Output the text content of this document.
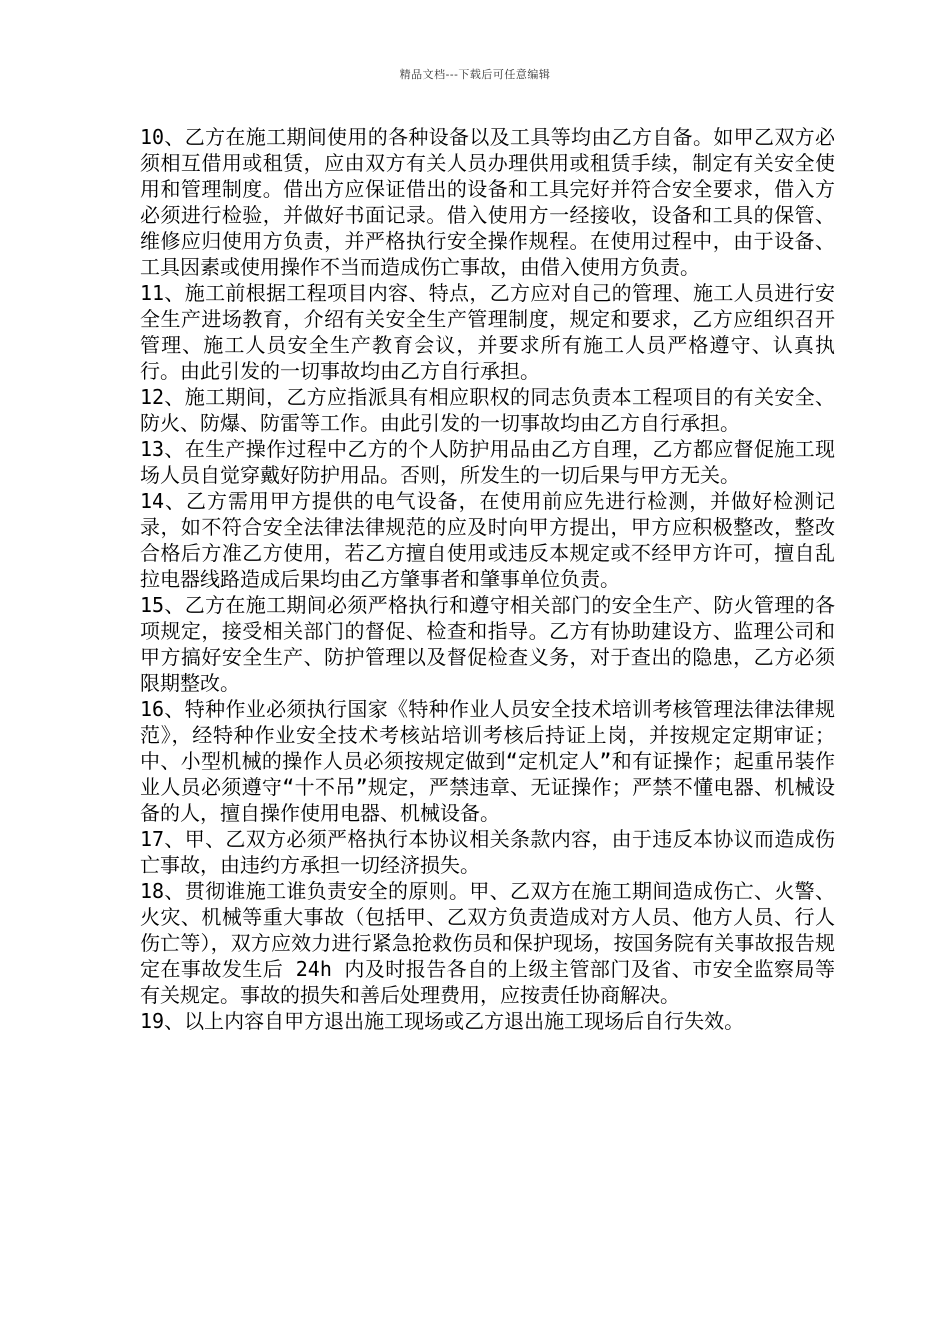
精品文档---下载后可任意编辑

10、乙方在施工期间使用的各种设备以及工具等均由乙方自备。如甲乙双方必须相互借用或租赁，应由双方有关人员办理供用或租赁手续，制定有关安全使用和管理制度。借出方应保证借出的设备和工具完好并符合安全要求，借入方必须进行检验，并做好书面记录。借入使用方一经接收，设备和工具的保管、维修应归使用方负责，并严格执行安全操作规程。在使用过程中，由于设备、工具因素或使用操作不当而造成伤亡事故，由借入使用方负责。

11、施工前根据工程项目内容、特点，乙方应对自己的管理、施工人员进行安全生产进场教育，介绍有关安全生产管理制度，规定和要求，乙方应组织召开管理、施工人员安全生产教育会议，并要求所有施工人员严格遵守、认真执行。由此引发的一切事故均由乙方自行承担。

12、施工期间，乙方应指派具有相应职权的同志负责本工程项目的有关安全、防火、防爆、防雷等工作。由此引发的一切事故均由乙方自行承担。

13、在生产操作过程中乙方的个人防护用品由乙方自理，乙方都应督促施工现场人员自觉穿戴好防护用品。否则，所发生的一切后果与甲方无关。

14、乙方需用甲方提供的电气设备，在使用前应先进行检测，并做好检测记录，如不符合安全法律法律规范的应及时向甲方提出，甲方应积极整改，整改合格后方准乙方使用，若乙方擅自使用或违反本规定或不经甲方许可，擅自乱拉电器线路造成后果均由乙方肇事者和肇事单位负责。

15、乙方在施工期间必须严格执行和遵守相关部门的安全生产、防火管理的各项规定，接受相关部门的督促、检查和指导。乙方有协助建设方、监理公司和甲方搞好安全生产、防护管理以及督促检查义务，对于查出的隐患，乙方必须限期整改。

16、特种作业必须执行国家《特种作业人员安全技术培训考核管理法律法律规范》，经特种作业安全技术考核站培训考核后持证上岗，并按规定定期审证；中、小型机械的操作人员必须按规定做到“定机定人”和有证操作；起重吊装作业人员必须遵守“十不吊”规定，严禁违章、无证操作；严禁不懂电器、机械设备的人，擅自操作使用电器、机械设备。

17、甲、乙双方必须严格执行本协议相关条款内容，由于违反本协议而造成伤亡事故，由违约方承担一切经济损失。

18、贯彻谁施工谁负责安全的原则。甲、乙双方在施工期间造成伤亡、火警、火灾、机械等重大事故（包括甲、乙双方负责造成对方人员、他方人员、行人伤亡等），双方应效力进行紧急抢救伤员和保护现场，按国务院有关事故报告规定在事故发生后 24h 内及时报告各自的上级主管部门及省、市安全监察局等有关规定。事故的损失和善后处理费用，应按责任协商解决。

19、以上内容自甲方退出施工现场或乙方退出施工现场后自行失效。
